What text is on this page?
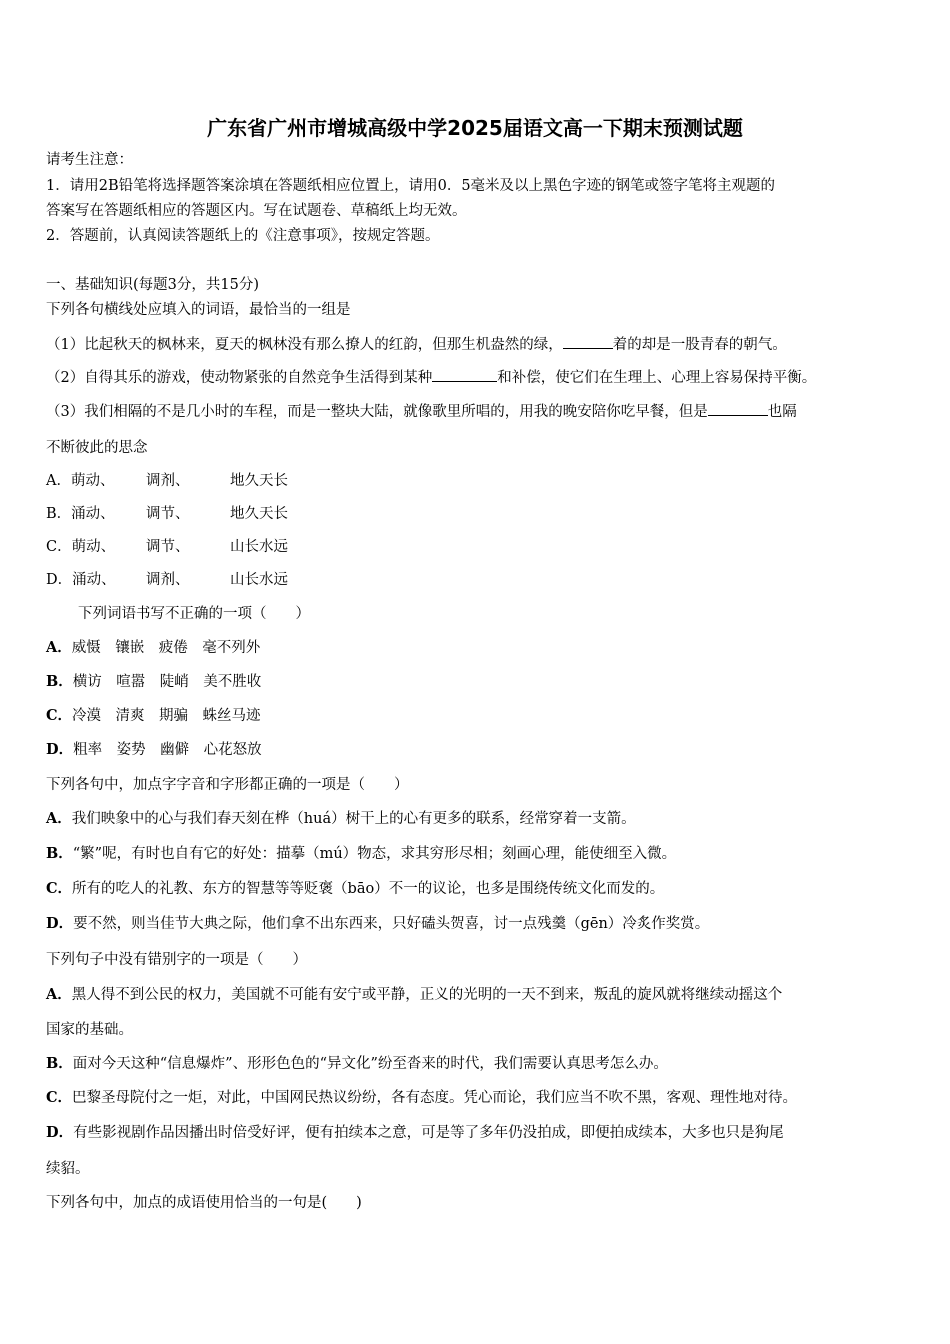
广东省广州市增城高级中学2025届语文高一下期末预测试题
请考生注意：
1．请用2B铅笔将选择题答案涂填在答题纸相应位置上，请用0．5毫米及以上黑色字迹的钢笔或签字笔将主观题的
答案写在答题纸相应的答题区内。写在试题卷、草稿纸上均无效。
2．答题前，认真阅读答题纸上的《注意事项》，按规定答题。
一、基础知识(每题3分，共15分)
下列各句横线处应填入的词语，最恰当的一组是
（1）比起秋天的枫林来，夏天的枫林没有那么撩人的红韵，但那生机盎然的绿，	着的却是一股青春的朝气。
（2）自得其乐的游戏，使动物紧张的自然竞争生活得到某种	和补偿，使它们在生理上、心理上容易保持平衡。
（3）我们相隔的不是几小时的车程，而是一整块大陆，就像歌里所唱的，用我的晚安陪你吃早餐，但是	也隔
不断彼此的思念
A．萌动、 调剂、	地久天长
B．涌动、 调节、	地久天长
C．萌动、 调节、	山长水远
D．涌动、 调剂、	山长水远
下列词语书写不正确的一项（　　）
A．威慑　镶嵌　疲倦　毫不列外
B．横访　喧嚣　陡峭　美不胜收
C．冷漠　清爽　期骗　蛛丝马迹
D．粗率　姿势　幽僻　心花怒放
下列各句中，加点字字音和字形都正确的一项是（　　）
A．我们映象中的心与我们春天刻在桦（huá）树干上的心有更多的联系，经常穿着一支箭。
B．“繁”呢，有时也自有它的好处：描摹（mú）物态，求其穷形尽相；刻画心理，能使细至入微。
C．所有的吃人的礼教、东方的智慧等等贬褒（bāo）不一的议论，也多是围绕传统文化而发的。
D．要不然，则当佳节大典之际，他们拿不出东西来，只好磕头贺喜，讨一点残羹（gēn）冷炙作奖赏。
下列句子中没有错别字的一项是（　　）
A．黑人得不到公民的权力，美国就不可能有安宁或平静，正义的光明的一天不到来，叛乱的旋风就将继续动摇这个
国家的基础。
B．面对今天这种“信息爆炸”、形形色色的“异文化”纷至沓来的时代，我们需要认真思考怎么办。
C．巴黎圣母院付之一炬，对此，中国网民热议纷纷，各有态度。凭心而论，我们应当不吹不黑，客观、理性地对待。
D．有些影视剧作品因播出时倍受好评，便有拍续本之意，可是等了多年仍没拍成，即便拍成续本，大多也只是狗尾
续貂。
下列各句中，加点的成语使用恰当的一句是(　　)
